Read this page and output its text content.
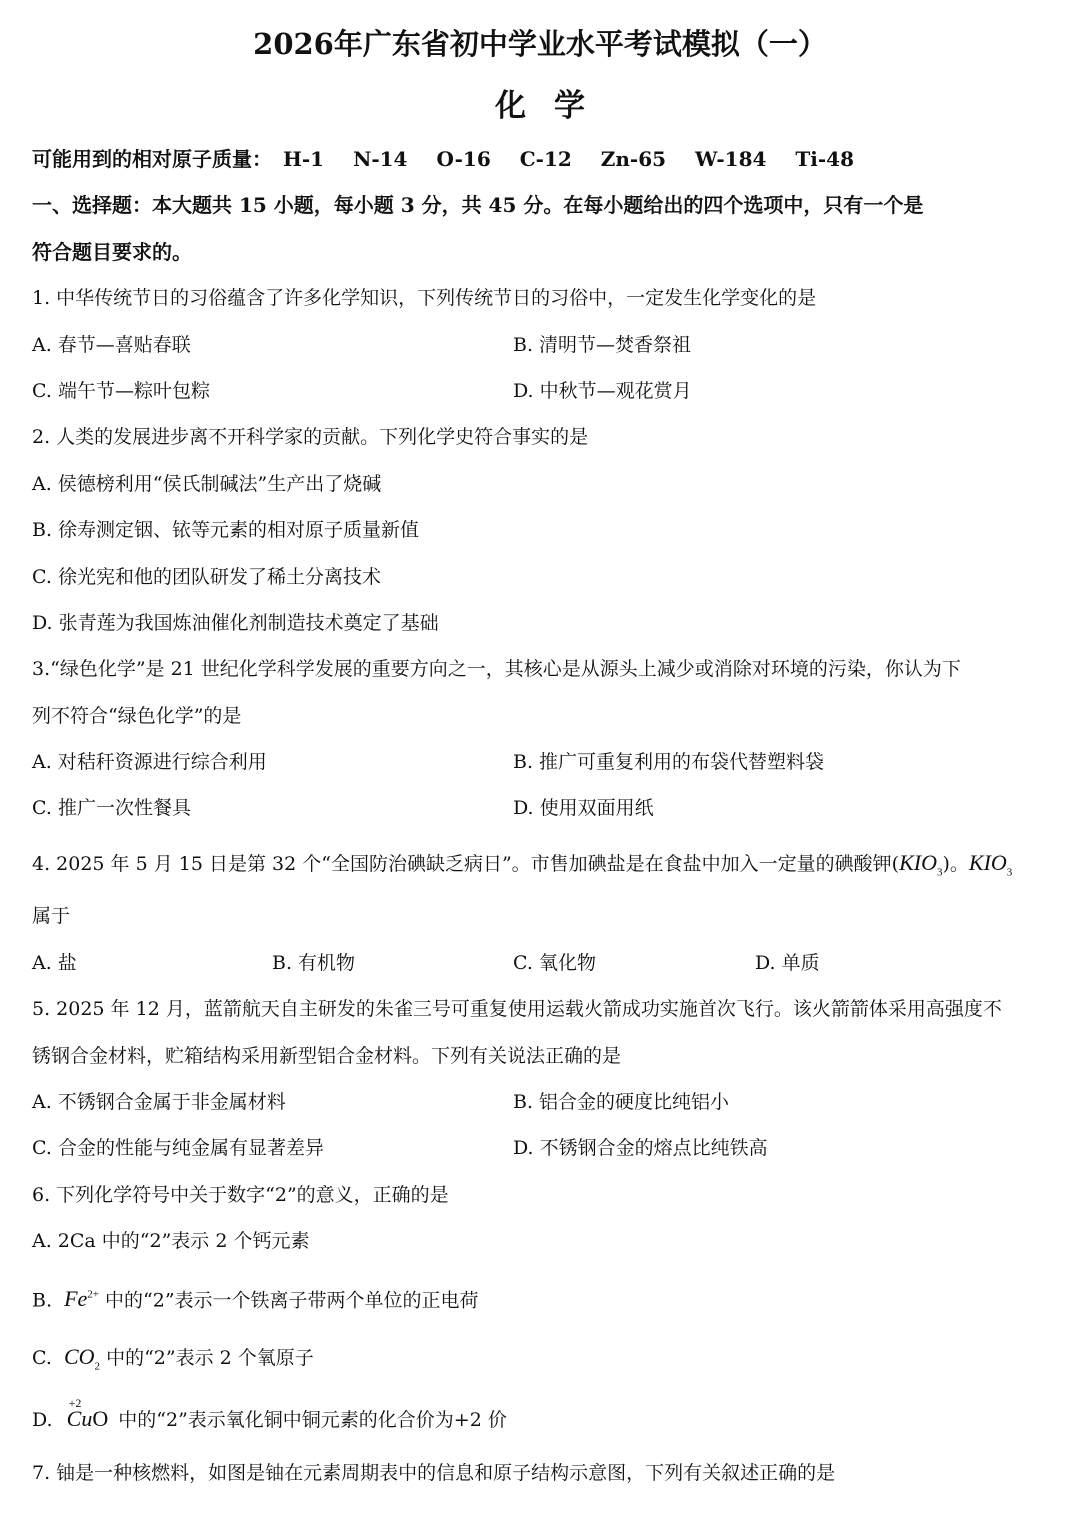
2026年广东省初中学业水平考试模拟（一）
化学
可能用到的相对原子质量： H-1 N-14 O-16 C-12 Zn-65 W-184 Ti-48
一、选择题：本大题共 15 小题，每小题 3 分，共 45 分。在每小题给出的四个选项中，只有一个是
符合题目要求的。
1. 中华传统节日的习俗蕴含了许多化学知识，下列传统节日的习俗中，一定发生化学变化的是
A. 春节—喜贴春联	B. 清明节—焚香祭祖
C. 端午节—粽叶包粽	D. 中秋节—观花赏月
2. 人类的发展进步离不开科学家的贡献。下列化学史符合事实的是
A. 侯德榜利用“侯氏制碱法”生产出了烧碱
B. 徐寿测定铟、铱等元素的相对原子质量新值
C. 徐光宪和他的团队研发了稀土分离技术
D. 张青莲为我国炼油催化剂制造技术奠定了基础
3.“绿色化学”是 21 世纪化学科学发展的重要方向之一，其核心是从源头上减少或消除对环境的污染，你认为下
列不符合“绿色化学”的是
A. 对秸秆资源进行综合利用	B. 推广可重复利用的布袋代替塑料袋
C. 推广一次性餐具	D. 使用双面用纸
4. 2025 年 5 月 15 日是第 32 个“全国防治碘缺乏病日”。市售加碘盐是在食盐中加入一定量的碘酸钾$(KIO_3)$。$KIO_3$
属于
A. 盐	B. 有机物	C. 氧化物	D. 单质
5. 2025 年 12 月，蓝箭航天自主研发的朱雀三号可重复使用运载火箭成功实施首次飞行。该火箭箭体采用高强度不
锈钢合金材料，贮箱结构采用新型铝合金材料。下列有关说法正确的是
A. 不锈钢合金属于非金属材料	B. 铝合金的硬度比纯铝小
C. 合金的性能与纯金属有显著差异	D. 不锈钢合金的熔点比纯铁高
6. 下列化学符号中关于数字“2”的意义，正确的是
A. 2Ca 中的“2”表示 2 个钙元素
B. $Fe^{2+}$ 中的“2”表示一个铁离子带两个单位的正电荷
C. $CO_2$ 中的“2”表示 2 个氧原子
D.
+2
CuO 中的“2”表示氧化铜中铜元素的化合价为+2 价
7. 铀是一种核燃料，如图是铀在元素周期表中的信息和原子结构示意图，下列有关叙述正确的是
